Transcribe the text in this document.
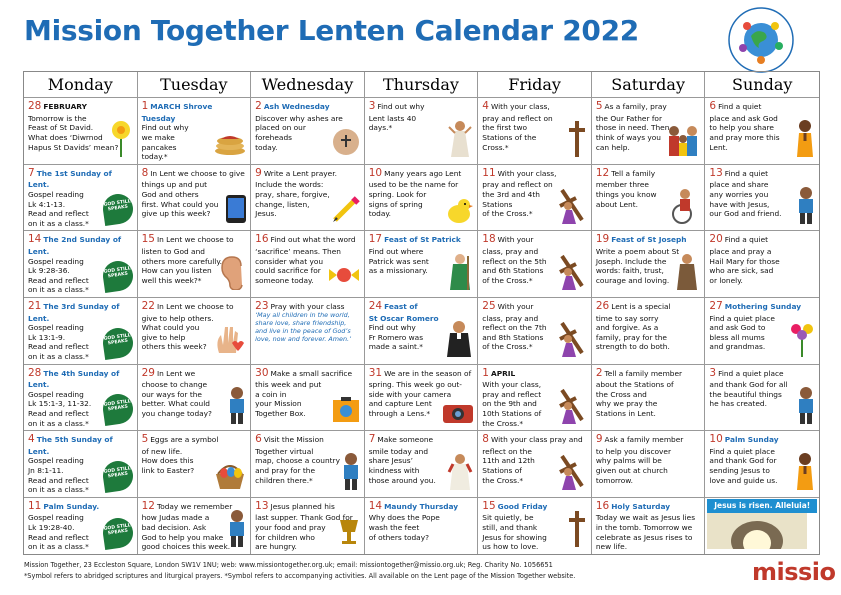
Mission Together Lenten Calendar 2022
Monday	Tuesday	Wednesday	Thursday	Friday	Saturday	Sunday
28 FEBRUARY
Tomorrow is the
Feast of St David.
What does ‘Diwrnod
Hapus St Davids’ mean?
1 MARCH Shrove Tuesday
Find out why
we make
pancakes
today.*
2 Ash Wednesday
Discover why ashes are
placed on our
foreheads
today.
3 Find out why
Lent lasts 40
days.*
4 With your class,
pray and reflect on
the first two
Stations of the
Cross.*
5 As a family, pray
the Our Father for
those in need. Then
think of ways you
can help.
6 Find a quiet
place and ask God
to help you share
and pray more this
Lent.
7 The 1st Sunday of Lent.
Gospel reading
Lk 4:1-13.
Read and reflect
on it as a class.*
GOD STILL SPEAKS
8 In Lent we choose to give
things up and put
God and others
first. What could you
give up this week?
9 Write a Lent prayer.
Include the words:
pray, share, forgive,
change, listen,
Jesus.
10 Many years ago Lent
used to be the name for
spring. Look for
signs of spring
today.
11 With your class,
pray and reflect on
the 3rd and 4th
Stations
of the Cross.*
12 Tell a family
member three
things you know
about Lent.
13 Find a quiet
place and share
any worries you
have with Jesus,
our God and friend.
14 The 2nd Sunday of Lent.
Gospel reading
Lk 9:28-36.
Read and reflect
on it as a class.*
GOD STILL SPEAKS
15 In Lent we choose to
listen to God and
others more carefully.
How can you listen
well this week?*
16 Find out what the word
‘sacrifice’ means. Then
consider what you
could sacrifice for
someone today.
17 Feast of St Patrick
Find out where
Patrick was sent
as a missionary.
18 With your
class, pray and
reflect on the 5th
and 6th Stations
of the Cross.*
19 Feast of St Joseph
Write a poem about St
Joseph. Include the
words: faith, trust,
courage and loving.
20 Find a quiet
place and pray a
Hail Mary for those
who are sick, sad
or lonely.
21 The 3rd Sunday of Lent.
Gospel reading
Lk 13:1-9.
Read and reflect
on it as a class.*
GOD STILL SPEAKS
22 In Lent we choose to
give to help others.
What could you
give to help
others this week?
23 Pray with your class
‘May all children in the world, share love, share friendship, and live in the peace of God’s love, now and forever. Amen.’
24 Feast of
St Oscar Romero
Find out why
Fr Romero was
made a saint.*
25 With your
class, pray and
reflect on the 7th
and 8th Stations
of the Cross.*
26 Lent is a special
time to say sorry
and forgive. As a
family, pray for the
strength to do both.
27 Mothering Sunday
Find a quiet place
and ask God to
bless all mums
and grandmas.
28 The 4th Sunday of Lent.
Gospel reading
Lk 15:1-3, 11-32.
Read and reflect
on it as a class.*
GOD STILL SPEAKS
29 In Lent we
choose to change
our ways for the
better. What could
you change today?
30 Make a small sacrifice
this week and put
a coin in
your Mission
Together Box.
31 We are in the season of
spring. This week go out-
side with your camera
and capture Lent
through a Lens.*
1 APRIL
With your class,
pray and reflect
on the 9th and
10th Stations of
the Cross.*
2 Tell a family member
about the Stations of
the Cross and
why we pray the
Stations in Lent.
3 Find a quiet place
and thank God for all
the beautiful things
he has created.
4 The 5th Sunday of Lent.
Gospel reading
Jn 8:1-11.
Read and reflect
on it as a class.*
GOD STILL SPEAKS
5 Eggs are a symbol
of new life.
How does this
link to Easter?
6 Visit the Mission
Together virtual
map, choose a country
and pray for the
children there.*
7 Make someone
smile today and
share Jesus’
kindness with
those around you.
8 With your class pray and
reflect on the
11th and 12th
Stations of
the Cross.*
9 Ask a family member
to help you discover
why palms will be
given out at church
tomorrow.
10 Palm Sunday
Find a quiet place
and thank God for
sending Jesus to
love and guide us.
11 Palm Sunday.
Gospel reading
Lk 19:28-40.
Read and reflect
on it as a class.*
GOD STILL SPEAKS
12 Today we remember
how Judas made a
bad decision. Ask
God to help you make
good choices this week.
13 Jesus planned his
last supper. Thank God for
your food and pray
for children who
are hungry.
14 Maundy Thursday
Why does the Pope
wash the feet
of others today?
15 Good Friday
Sit quietly, be
still, and thank
Jesus for showing
us how to love.
16 Holy Saturday
Today we wait as Jesus lies
in the tomb. Tomorrow we
celebrate as Jesus rises to
new life.
Jesus is risen. Alleluia!
Mission Together, 23 Eccleston Square, London SW1V 1NU; web: www.missiontogether.org.uk; email: missiontogether@missio.org.uk; Reg. Charity No. 1056651
*Symbol refers to abridged scriptures and liturgical prayers. *Symbol refers to accompanying activities. All available on the Lent page of the Mission Together website.	missio
